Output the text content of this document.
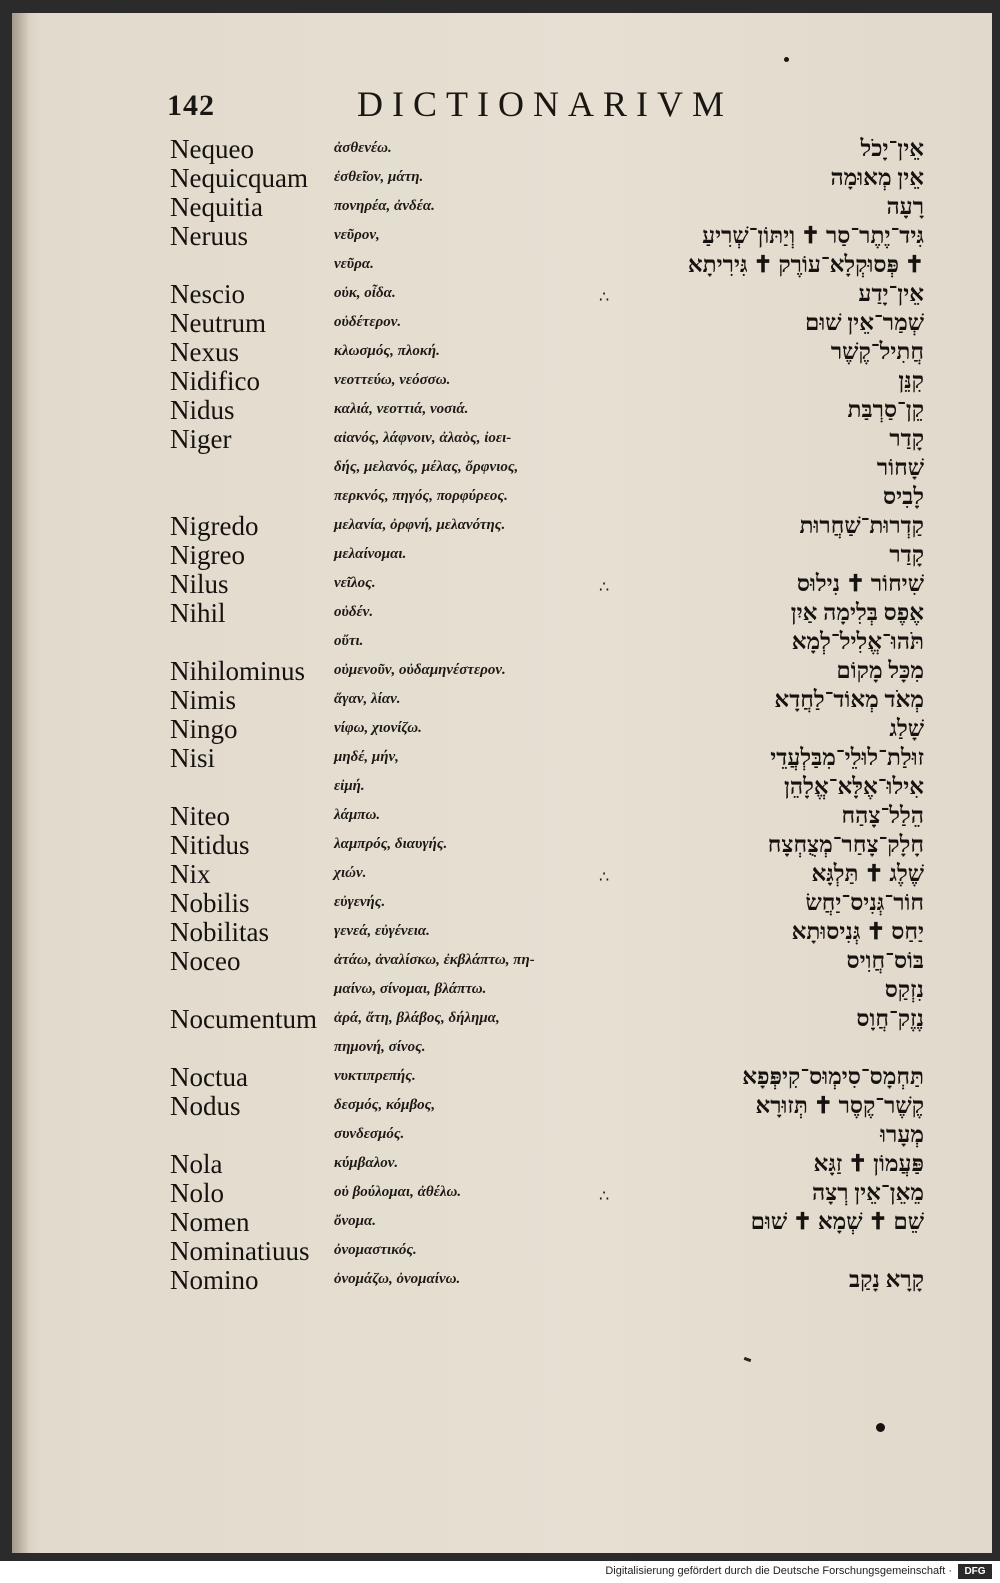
142	DICTIONARIVM
Nequeo	ἀσθενέω.	אֵין־יָכֹל
Nequicquam ἐσθεῖον, μάτη.	אֵין מְאוּמָה
Nequitia	πονηρέα, ἀνδέα.	רָעָה
Neruus	νεῦρον,	גִּיד־יֶתֶר־סַר ✝ וְיַתּוֹן־שְׁרִיעַ
νεῦρα.	✝ פְּסוּקְלָא־עוֹרֶק ✝ גִּירִיתָא
Nescio	οὐκ, οἶδα.	∴	אֵין־יָדַע
Neutrum	οὐδέτερον.	שְׁמַר־אֵין שׁוּם
Nexus	κλωσμός, πλοκή.	חֲתִיל־קֶשֶׁר
Nidifico	νεοττεύω, νεόσσω.	קִנֵּן
Nidus	καλιά, νεοττιά, νοσιά.	קֵן־סַרְבַּת
Niger	αἰανός, λάφνοιν, ἀλαὸς, ἰοει-	קָדַר
δής, μελανός, μέλας, ὄρφνιος,	שָׁחוֹר
περκνός, πηγός, πορφύρεος.	לָבִיס
Nigredo	μελανία, ὀρφνή, μελανότης.	קַדְרוּת־שַׁחֲרוּת
Nigreo	μελαίνομαι.	קָדַר
Nilus	νεῖλος.	∴	שִׁיחוֹר ✝ נִילוּס
Nihil	οὐδέν.	אֶפֶס בְּלִימָה אַיִן
οὔτι.	תֹּהוּ־אֱלִיל־לְמָא
Nihilominus οὐμενοῦν, οὐδαμηνέστερον.	מִכָּל מָקוֹם
Nimis	ἄγαν, λίαν.	מְאֹד מְאוֹד־לַחֲדָא
Ningo	νίφω, χιονίζω.	שָׁלַג
Nisi	μηδέ, μήν,	זוּלַת־לוּלֵי־מִבַּלְעֲדֵי
εἰμή.	אִילוּ־אֶלָּא־אֱלָהֵן
Niteo	λάμπω.	הֵלַל־צָהַח
Nitidus	λαμπρός, διαυγής.	חָלָק־צָחַר־מְצֻחְצָח
Nix	χιών.	∴	שֶׁלֶג ✝ תַּלְגָּא
Nobilis	εὐγενής.	חוֹר־גְּנִיס־יַחֲשׂ
Nobilitas	γενεά, εὐγένεια.	יַחַס ✝ גְּנִיסוּתָא
Noceo	ἀτάω, ἀναλίσκω, ἐκβλάπτω, πη-	בּוֹס־חֲוִיס
μαίνω, σίνομαι, βλάπτω.	נִזְקַס
Nocumentum ἀρά, ἄτη, βλάβος, δήλημα,	נֶזֶק־חֲוָס
πημονή, σίνος.
Noctua	νυκτιπρεπής.	תַּחְמָס־סִימְוּס־קִיפְּפָא
Nodus	δεσμός, κόμβος,	קֶשֶׁר־קֶסֶר ✝ תְּזוּרָא
συνδεσμός.	מְעָרוּ
Nola	κύμβαλον.	פַּעֲמוֹן ✝ זַגָּא
Nolo	οὐ βούλομαι, ἀθέλω.	∴	מֵאֵן־אֵין רְצָה
Nomen	ὄνομα.	שֵׁם ✝ שְׁמָא ✝ שׁוּם
Nominatiuus ὀνομαστικός.
Nomino	ὀνομάζω, ὀνομαίνω.	קָרָא נָקַב
Digitalisierung gefördert durch die Deutsche Forschungsgemeinschaft ·	DFG
